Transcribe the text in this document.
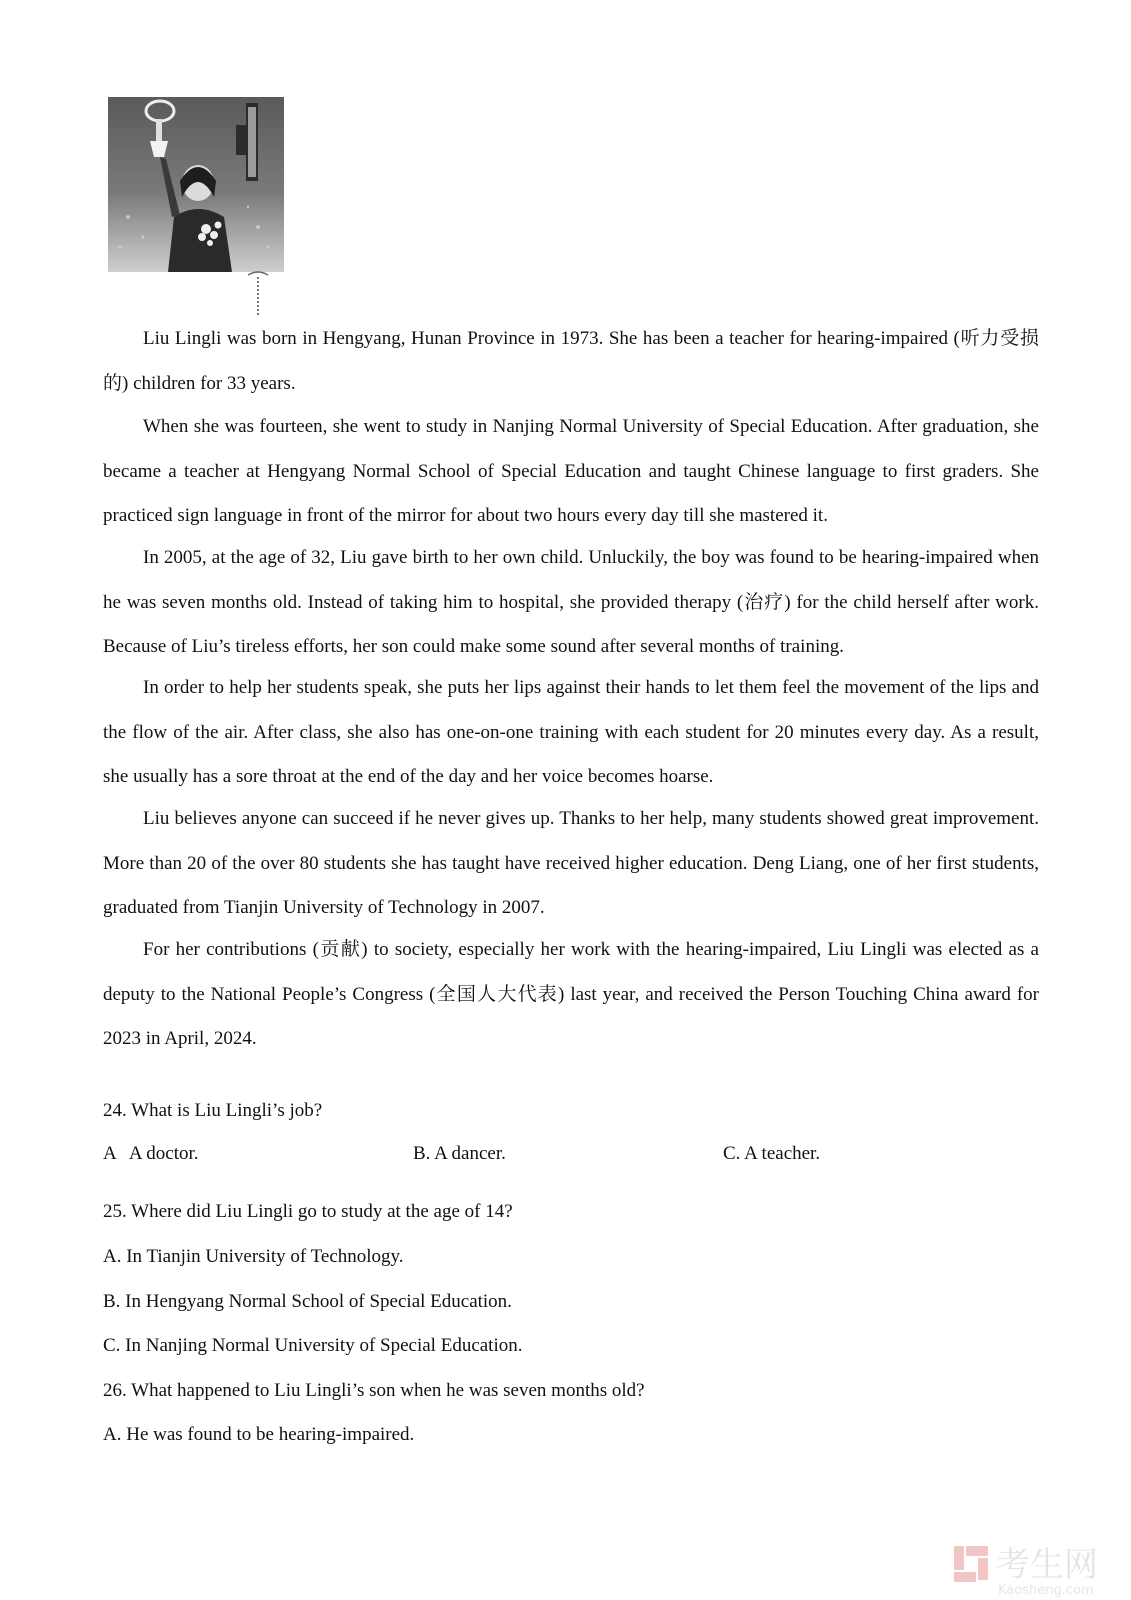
Liu Lingli was born in Hengyang, Hunan Province in 1973. She has been a teacher for hearing-impaired (听力受损的) children for 33 years.

When she was fourteen, she went to study in Nanjing Normal University of Special Education. After graduation, she became a teacher at Hengyang Normal School of Special Education and taught Chinese language to first graders. She practiced sign language in front of the mirror for about two hours every day till she mastered it.

In 2005, at the age of 32, Liu gave birth to her own child. Unluckily, the boy was found to be hearing-impaired when he was seven months old. Instead of taking him to hospital, she provided therapy (治疗) for the child herself after work. Because of Liu’s tireless efforts, her son could make some sound after several months of training.

In order to help her students speak, she puts her lips against their hands to let them feel the movement of the lips and the flow of the air. After class, she also has one-on-one training with each student for 20 minutes every day. As a result, she usually has a sore throat at the end of the day and her voice becomes hoarse.

Liu believes anyone can succeed if he never gives up. Thanks to her help, many students showed great improvement. More than 20 of the over 80 students she has taught have received higher education. Deng Liang, one of her first students, graduated from Tianjin University of Technology in 2007.

For her contributions (贡献) to society, especially her work with the hearing-impaired, Liu Lingli was elected as a deputy to the National People’s Congress (全国人大代表) last year, and received the Person Touching China award for 2023 in April, 2024.

24. What is Liu Lingli’s job?

A   A doctor.	B. A dancer.	C. A teacher.

25. Where did Liu Lingli go to study at the age of 14?

A. In Tianjin University of Technology.

B. In Hengyang Normal School of Special Education.

C. In Nanjing Normal University of Special Education.

26. What happened to Liu Lingli’s son when he was seven months old?

A. He was found to be hearing-impaired.

考生网
Kaosheng.com
